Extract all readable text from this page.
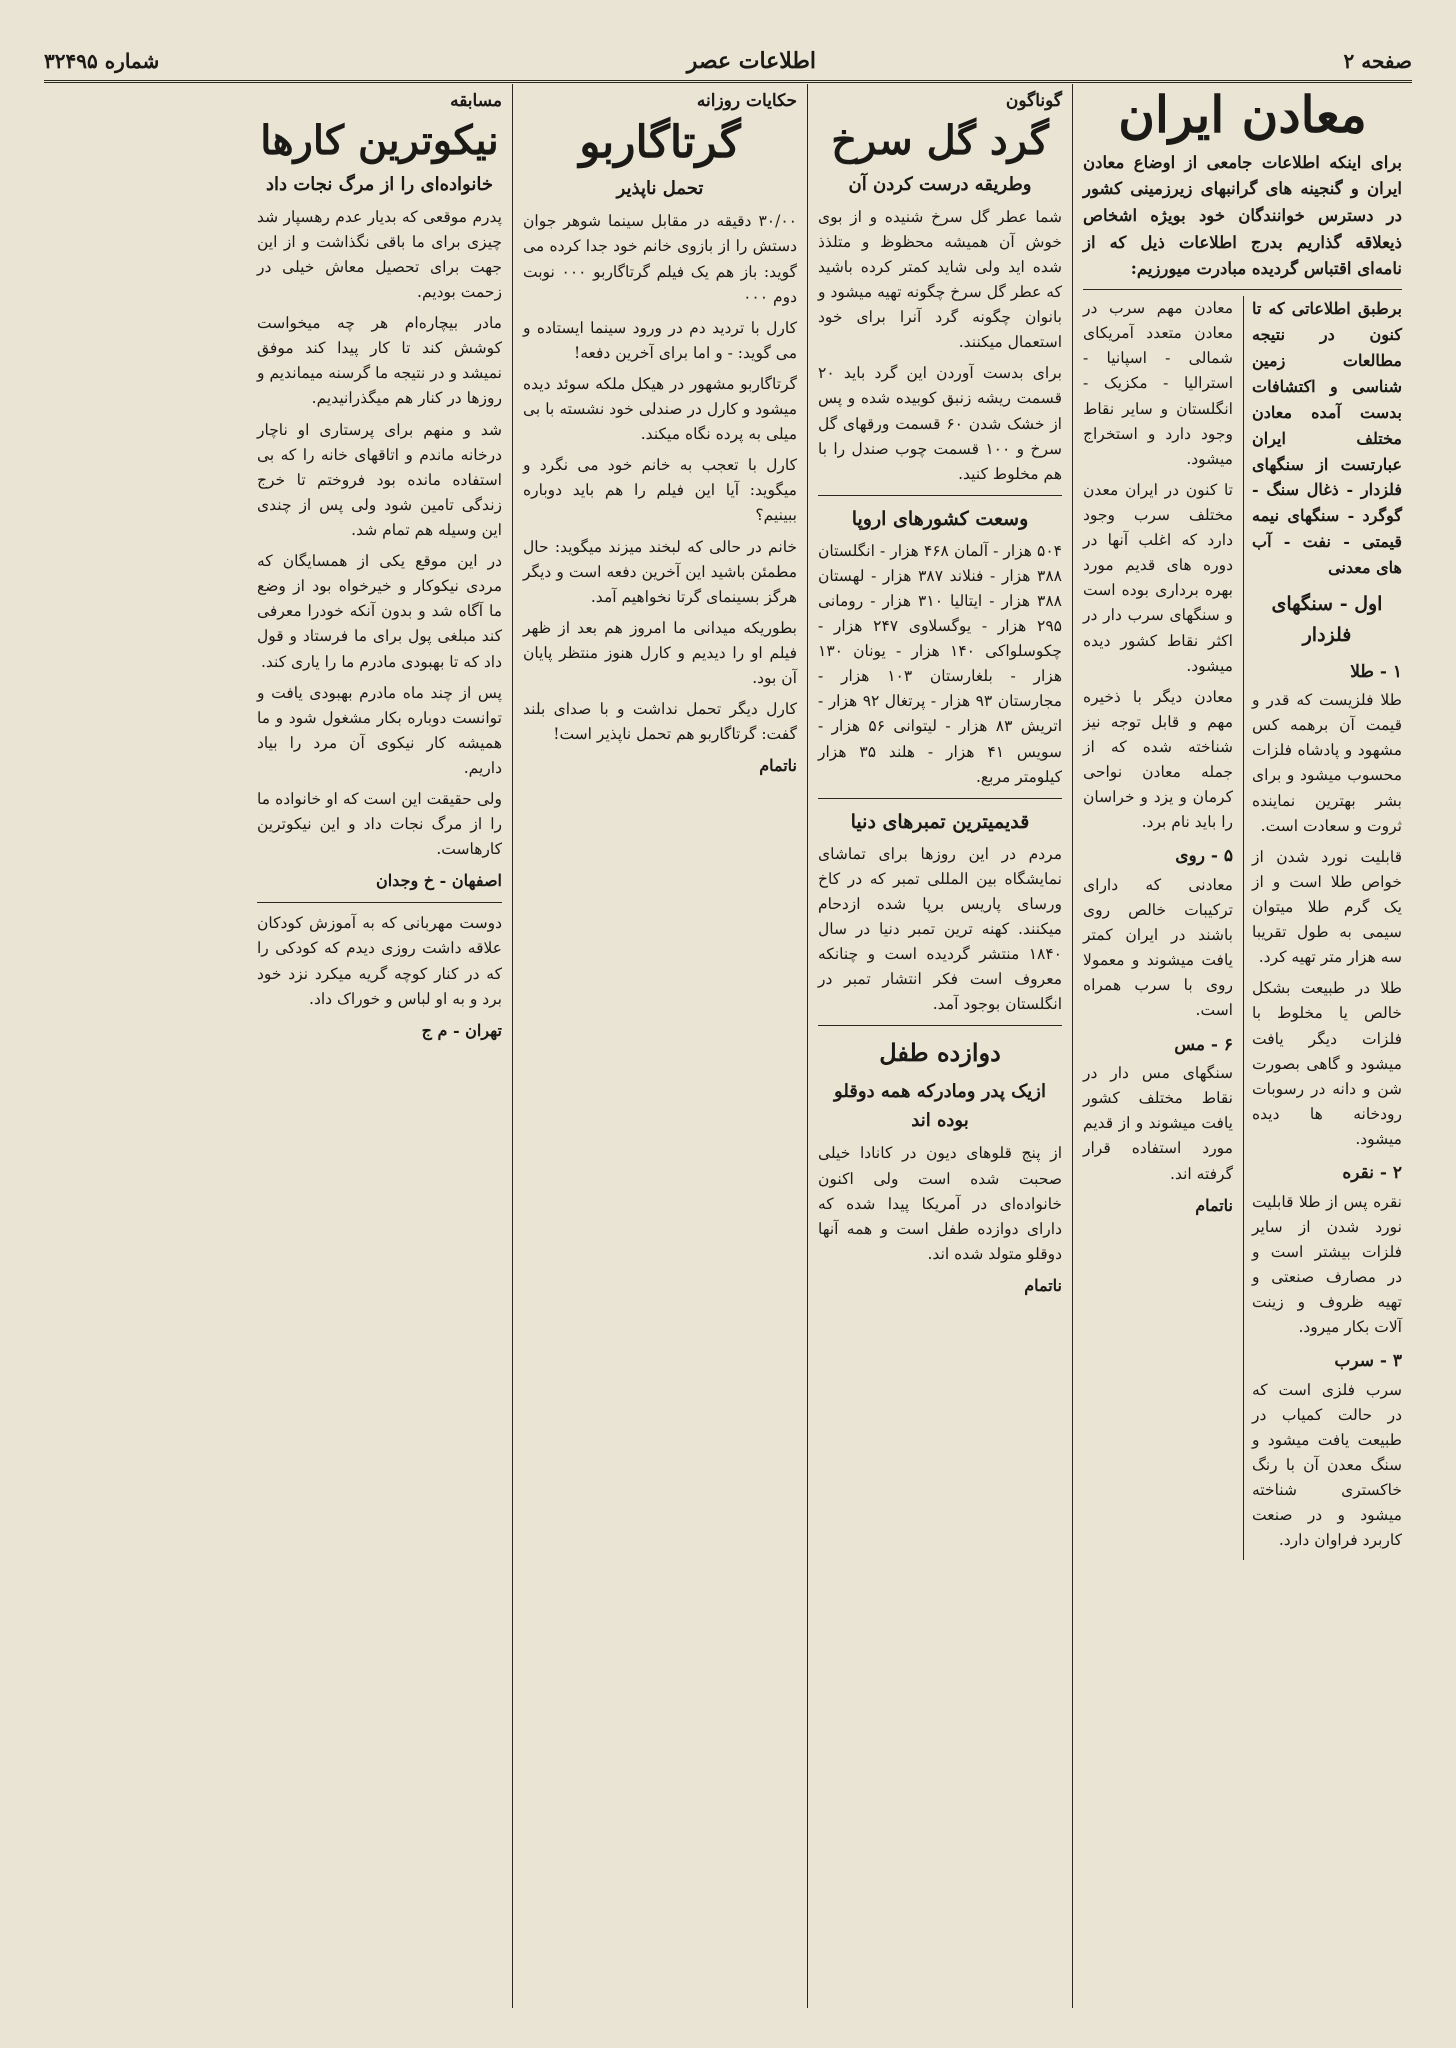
صفحه ۲
اطلاعات عصر
شماره ۳۲۴۹۵
معادن ایران

برای اینکه اطلاعات جامعی از اوضاع معادن ایران و گنجینه های گرانبهای زیرزمینی کشور در دسترس خوانندگان خود بوی‍ژه اشخاص ذیعلاقه گذاریم بدرج اطلاعات ذیل که از نامه‌ای اقتباس گردیده مبادرت میورزیم:

برطبق اطلاعاتی که تا کنون در نتیجه مطالعات زمین شناسی و اکتشافات بدست آمده معادن مختلف ایران عبارتست از سنگهای فلزدار - ذغال سنگ - گوگرد - سنگهای نیمه قیمتی - نفت - آب های معدنی

اول - سنگهای فلزدار
۱ - طلا

طلا فلزیست که قدر و قیمت آن برهمه کس مشهود و پادشاه فلزات محسوب میشود و برای بشر بهترین نماینده ثروت و سعادت است.

قابلیت نورد شدن از خواص طلا است و از یک گرم طلا میتوان سیمی به طول تقریبا سه هزار متر تهیه کرد.

طلا در طبیعت بشکل خالص یا مخلوط با فلزات دیگر یافت میشود و گاهی بصورت شن و دانه در رسوبات رودخانه ها دیده میشود.

۲ - نقره

نقره پس از طلا قابلیت نورد شدن از سایر فلزات بیشتر است و در مصارف صنعتی و تهیه ظروف و زینت آلات بکار میرود.

۳ - سرب

سرب فلزی است که در حالت کمیاب در طبیعت یافت میشود و سنگ معدن آن با رنگ خاکستری شناخته میشود و در صنعت کاربرد فراوان دارد.

معادن مهم سرب در معادن متعدد آمریکای شمالی - اسپانیا - استرالیا - مکزیک - انگلستان و سایر نقاط وجود دارد و استخراج میشود.

تا کنون در ایران معدن مختلف سرب وجود دارد که اغلب آنها در دوره های قدیم مورد بهره برداری بوده است و سنگهای سرب دار در اکثر نقاط کشور دیده میشود.

معادن دیگر با ذخیره مهم و قابل توجه نیز شناخته شده که از جمله معادن نواحی کرمان و یزد و خراسان را باید نام برد.

۵ - روی

معادنی که دارای ترکیبات خالص روی باشند در ایران کمتر یافت میشوند و معمولا روی با سرب همراه است.

۶ - مس

سنگهای مس دار در نقاط مختلف کشور یافت میشوند و از قدیم مورد استفاده قرار گرفته اند.

ناتمام
گوناگون
گرد گل سرخ
وطریقه درست کردن آن

شما عطر گل سرخ شنیده و از بوی خوش آن همیشه محظوظ و متلذذ شده اید ولی شاید کمتر کرده باشید که عطر گل سرخ چگونه تهیه میشود و بانوان چگونه گرد آنرا برای خود استعمال میکنند.

برای بدست آوردن این گرد باید ۲۰ قسمت ریشه زنبق کوبیده شده و پس از خشک شدن ۶۰ قسمت ورقهای گل سرخ و ۱۰۰ قسمت چوب صندل را با هم مخلوط کنید.

وسعت کشورهای اروپا

۵۰۴ هزار - آلمان ۴۶۸ هزار - انگلستان ۳۸۸ هزار - فنلاند ۳۸۷ هزار - لهستان ۳۸۸ هزار - ایتالیا ۳۱۰ هزار - رومانی ۲۹۵ هزار - یوگسلاوی ۲۴۷ هزار - چکوسلواکی ۱۴۰ هزار - یونان ۱۳۰ هزار - بلغارستان ۱۰۳ هزار - مجارستان ۹۳ هزار - پرتغال ۹۲ هزار - اتریش ۸۳ هزار - لیتوانی ۵۶ هزار - سویس ۴۱ هزار - هلند ۳۵ هزار کیلومتر مربع.

قدیمیترین تمبرهای دنیا

مردم در این روزها برای تماشای نمایشگاه بین المللی تمبر که در کاخ ورسای پاریس برپا شده ازدحام میکنند. کهنه ترین تمبر دنیا در سال ۱۸۴۰ منتشر گردیده است و چنانکه معروف است فکر انتشار تمبر در انگلستان بوجود آمد.

دوازده طفل
ازیک پدر ومادرکه همه دوقلو بوده اند

از پنج قلوهای دیون در کانادا خیلی صحبت شده است ولی اکنون خانواده‌ای در آمریکا پیدا شده که دارای دوازده طفل است و همه آنها دوقلو متولد شده اند.

ناتمام
حکایات روزانه
گرتاگاربو
تحمل ناپذیر

۳۰/۰۰ دقیقه در مقابل سینما شوهر جوان دستش را از بازوی خانم خود جدا کرده می گوید: باز هم یک فیلم گرتاگاربو ۰۰۰ نوبت دوم ۰۰۰

کارل با تردید دم در ورود سینما ایستاده و می گوید: - و اما برای آخرین دفعه!

گرتاگاربو مشهور در هیکل ملکه سوئد دیده میشود و کارل در صندلی خود نشسته با بی میلی به پرده نگاه میکند.

کارل با تعجب به خانم خود می نگرد و میگوید: آیا این فیلم را هم باید دوباره ببینیم؟

خانم در حالی که لبخند میزند میگوید: حال مطمئن باشید این آخرین دفعه است و دیگر هرگز بسینمای گرتا نخواهیم آمد.

بطوریکه میدانی ما امروز هم بعد از ظهر فیلم او را دیدیم و کارل هنوز منتظر پایان آن بود.

کارل دیگر تحمل نداشت و با صدای بلند گفت: گرتاگاربو هم تحمل ناپذیر است!

ناتمام
مسابقه
نیکوترین کارها
خانواده‌ای را از مرگ نجات داد

پدرم موقعی که بدیار عدم رهسپار شد چیزی برای ما باقی نگذاشت و از این جهت برای تحصیل معاش خیلی در زحمت بودیم.

مادر بیچاره‌ام هر چه میخواست کوشش کند تا کار پیدا کند موفق نمیشد و در نتیجه ما گرسنه میماندیم و روزها در کنار هم میگذرانیدیم.

شد و منهم برای پرستاری او ناچار درخانه ماندم و اتاقهای خانه را که بی استفاده مانده بود فروختم تا خرج زندگی تامین شود ولی پس از چندی این وسیله هم تمام شد.

در این موقع یکی از همسایگان که مردی نیکوکار و خیرخواه بود از وضع ما آگاه شد و بدون آنکه خودرا معرفی کند مبلغی پول برای ما فرستاد و قول داد که تا بهبودی مادرم ما را یاری کند.

پس از چند ماه مادرم بهبودی یافت و توانست دوباره بکار مشغول شود و ما همیشه کار نیکوی آن مرد را بیاد داریم.

ولی حقیقت این است که او خانواده ما را از مرگ نجات داد و این نیکوترین کارهاست.

اصفهان - خ وجدان

دوست مهربانی که به آموزش کودکان علاقه داشت روزی دیدم که کودکی را که در کنار کوچه گریه میکرد نزد خود برد و به او لباس و خوراک داد.

تهران - م ج
